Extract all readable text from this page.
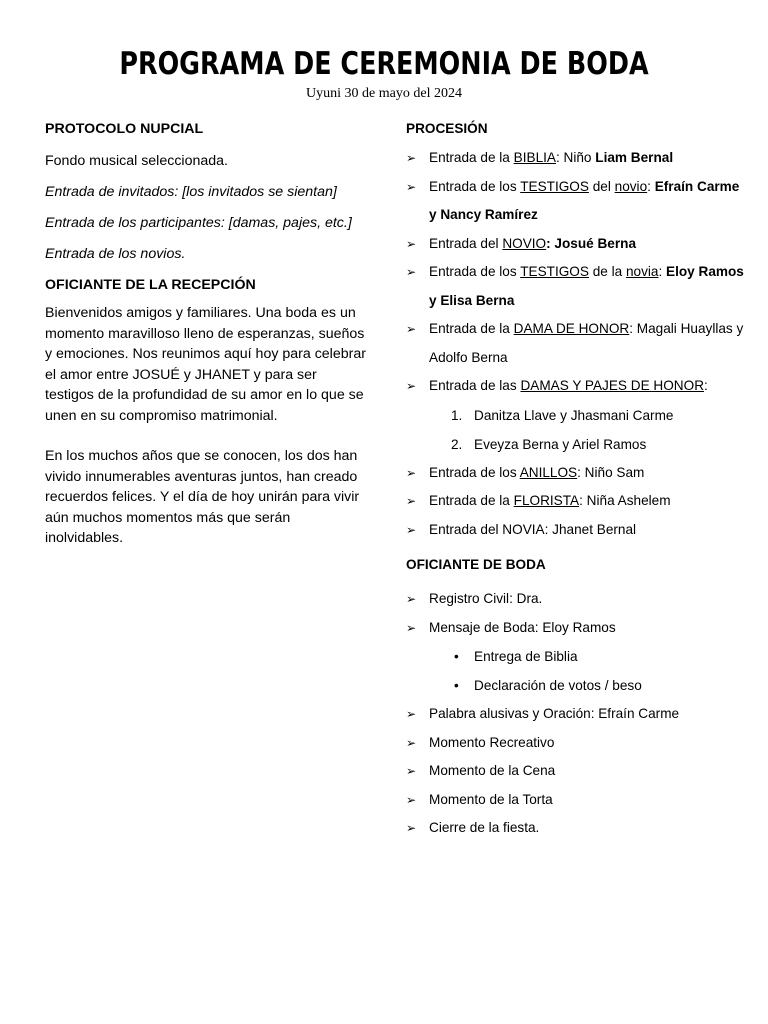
PROGRAMA DE CEREMONIA DE BODA
Uyuni 30 de mayo del 2024
PROTOCOLO NUPCIAL

Fondo musical seleccionada.

Entrada de invitados: [los invitados se sientan]

Entrada de los participantes: [damas, pajes, etc.]

Entrada de los novios.

OFICIANTE DE LA RECEPCIÓN

Bienvenidos amigos y familiares. Una boda es un momento maravilloso lleno de esperanzas, sueños y emociones. Nos reunimos aquí hoy para celebrar el amor entre JOSUÉ y JHANET y para ser testigos de la profundidad de su amor en lo que se unen en su compromiso matrimonial.

En los muchos años que se conocen, los dos han vivido innumerables aventuras juntos, han creado recuerdos felices. Y el día de hoy unirán para vivir aún muchos momentos más que serán inolvidables.

PROCESIÓN
➢ Entrada de la BIBLIA: Niño Liam Bernal
➢ Entrada de los TESTIGOS del novio: Efraín Carme y Nancy Ramírez
➢ Entrada del NOVIO: Josué Berna
➢ Entrada de los TESTIGOS de la novia: Eloy Ramos y Elisa Berna
➢ Entrada de la DAMA DE HONOR: Magali Huayllas y Adolfo Berna
➢ Entrada de las DAMAS Y PAJES DE HONOR:
1. Danitza Llave y Jhasmani Carme
2. Eveyza Berna y Ariel Ramos
➢ Entrada de los ANILLOS: Niño Sam
➢ Entrada de la FLORISTA: Niña Ashelem
➢ Entrada del NOVIA: Jhanet Bernal
OFICIANTE DE BODA
➢ Registro Civil: Dra.
➢ Mensaje de Boda: Eloy Ramos
• Entrega de Biblia
• Declaración de votos / beso
➢ Palabra alusivas y Oración: Efraín Carme
➢ Momento Recreativo
➢ Momento de la Cena
➢ Momento de la Torta
➢ Cierre de la fiesta.
